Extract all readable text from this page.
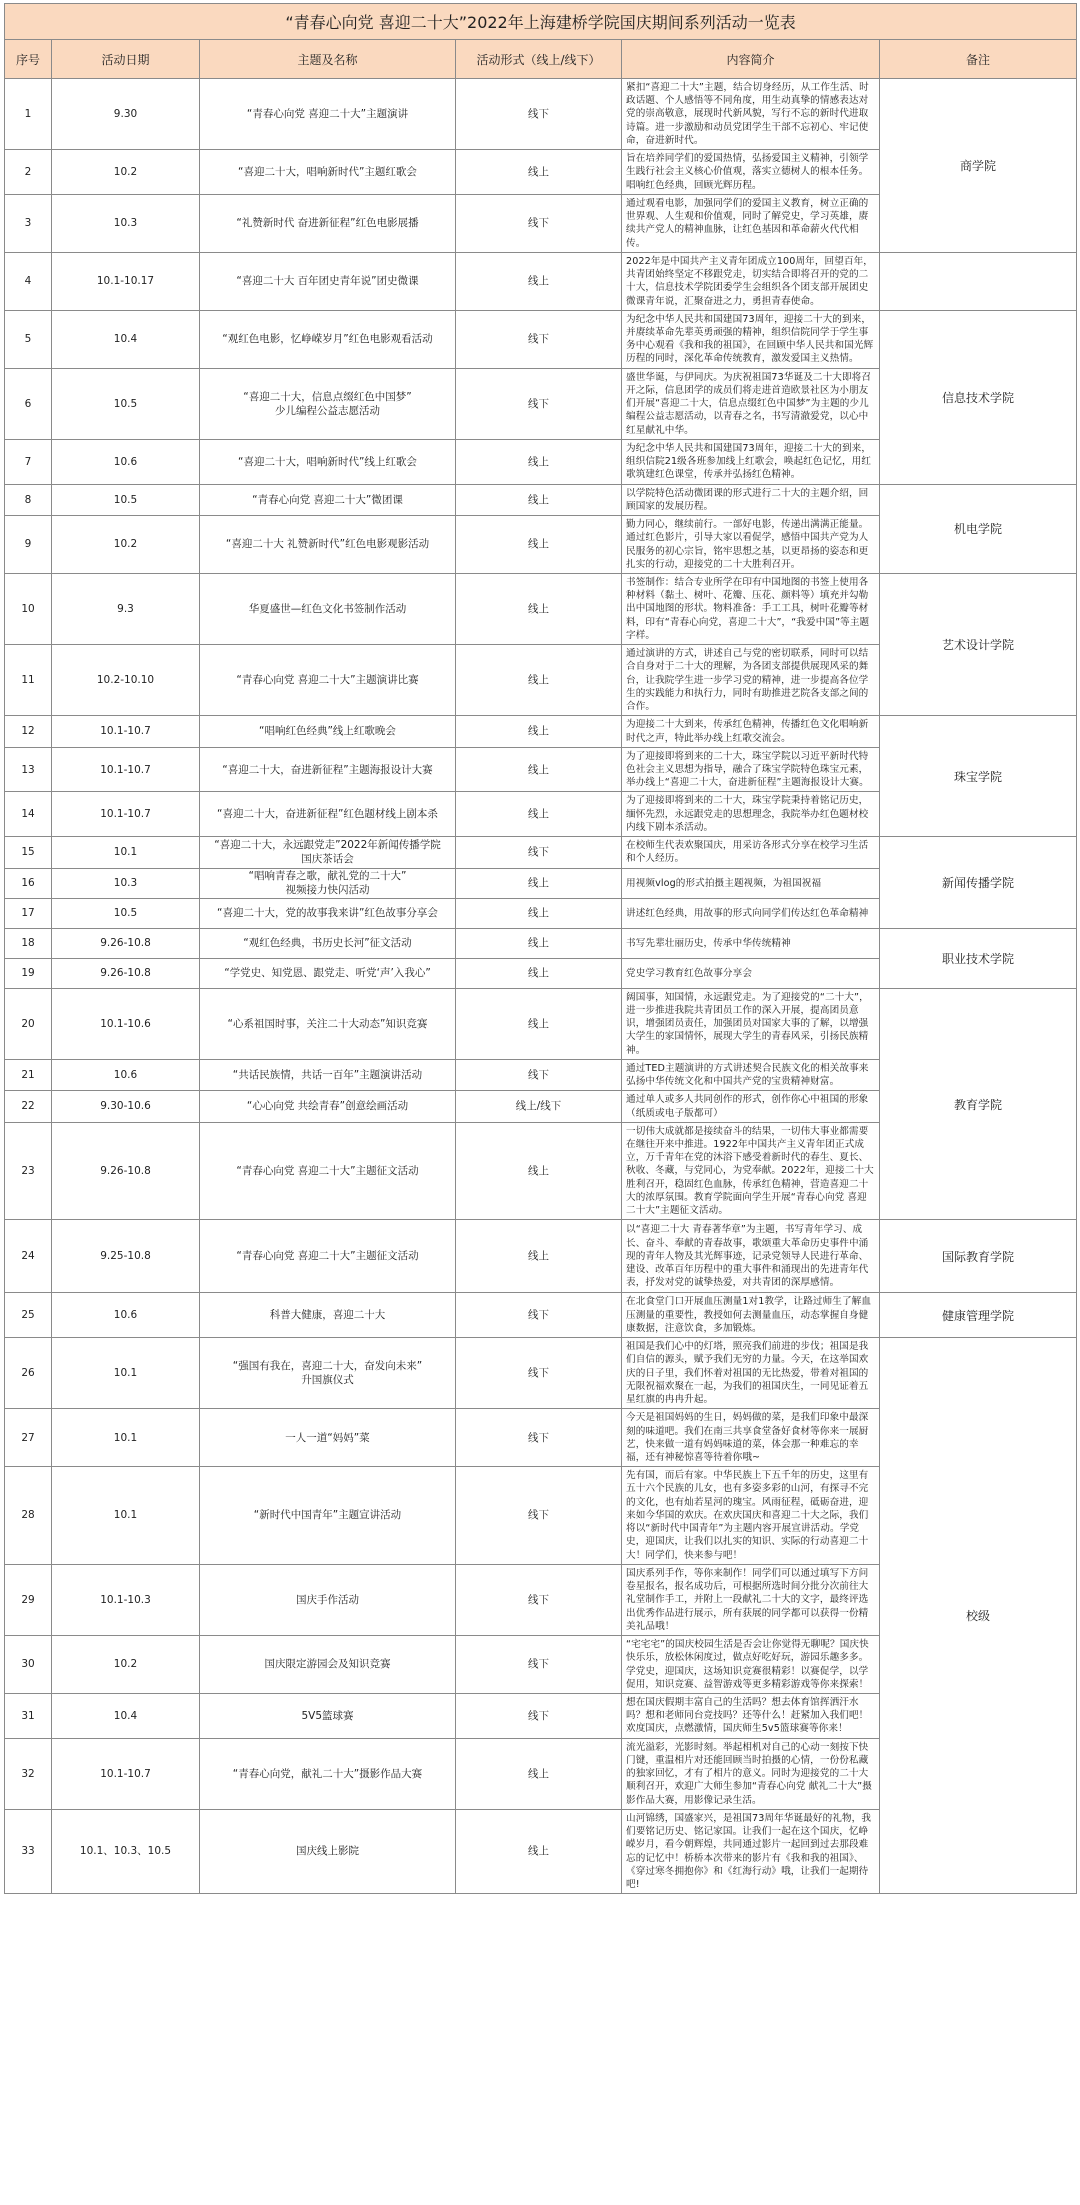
“青春心向党 喜迎二十大”2022年上海建桥学院国庆期间系列活动一览表					
序号	活动日期	主题及名称	活动形式（线上/线下）	内容简介	备注
1	9.30	“青春心向党 喜迎二十大”主题演讲	线下	紧扣“喜迎二十大”主题，结合切身经历，从工作生活、时政话题、个人感悟等不同角度，用生动真挚的情感表达对党的崇高敬意，展现时代新风貌，写行不忘的新时代进取诗篇。进一步激励和动员党团学生干部不忘初心、牢记使命，奋进新时代。	商学院
2	10.2	“喜迎二十大，唱响新时代”主题红歌会	线上	旨在培养同学们的爱国热情，弘扬爱国主义精神，引领学生践行社会主义核心价值观，落实立德树人的根本任务。唱响红色经典，回顾光辉历程。	
3	10.3	“礼赞新时代 奋进新征程”红色电影展播	线下	通过观看电影，加强同学们的爱国主义教育，树立正确的世界观、人生观和价值观，同时了解党史，学习英雄，赓续共产党人的精神血脉，让红色基因和革命薪火代代相传。	
4	10.1-10.17	“喜迎二十大 百年团史青年说”团史微课	线上	2022年是中国共产主义青年团成立100周年，回望百年，共青团始终坚定不移跟党走，切实结合即将召开的党的二十大，信息技术学院团委学生会组织各个团支部开展团史微课青年说，汇聚奋进之力，勇担青春使命。	
5	10.4	“观红色电影，忆峥嵘岁月”红色电影观看活动	线下	为纪念中华人民共和国建国73周年，迎接二十大的到来，并赓续革命先辈英勇顽强的精神，组织信院同学于学生事务中心观看《我和我的祖国》，在回顾中华人民共和国光辉历程的同时，深化革命传统教育，激发爱国主义热情。	信息技术学院
6	10.5	“喜迎二十大，信息点缀红色中国梦”
少儿编程公益志愿活动	线下	盛世华诞，与伊同庆。为庆祝祖国73华诞及二十大即将召开之际，信息团学的成员们将走进首造欧景社区为小朋友们开展“喜迎二十大，信息点缀红色中国梦”为主题的少儿编程公益志愿活动，以青春之名，书写清澈爱党，以心中红星献礼中华。	
7	10.6	“喜迎二十大，唱响新时代”线上红歌会	线上	为纪念中华人民共和国建国73周年，迎接二十大的到来，组织信院21级各班参加线上红歌会，唤起红色记忆，用红歌筑建红色课堂，传承并弘扬红色精神。	
8	10.5	“青春心向党 喜迎二十大”微团课	线上	以学院特色活动微团课的形式进行二十大的主题介绍，回顾国家的发展历程。	机电学院
9	10.2	“喜迎二十大 礼赞新时代”红色电影观影活动	线上	勤力同心，继续前行。一部好电影，传递出满满正能量。通过红色影片，引导大家以看促学，感悟中国共产党为人民服务的初心宗旨，铭牢思想之基，以更昂扬的姿态和更扎实的行动，迎接党的二十大胜利召开。	
10	9.3	华夏盛世—红色文化书签制作活动	线上	书签制作：结合专业所学在印有中国地图的书签上使用各种材料（黏土、树叶、花瓣、压花、颜料等）填充并勾勒出中国地图的形状。物料准备：手工工具，树叶花瓣等材料，印有“青春心向党，喜迎二十大”，“我爱中国”等主题字样。	艺术设计学院
11	10.2-10.10	“青春心向党 喜迎二十大”主题演讲比赛	线上	通过演讲的方式，讲述自己与党的密切联系，同时可以结合自身对于二十大的理解，为各团支部提供展现风采的舞台，让我院学生进一步学习党的精神，进一步提高各位学生的实践能力和执行力，同时有助推进艺院各支部之间的合作。	
12	10.1-10.7	“唱响红色经典”线上红歌晚会	线上	为迎接二十大到来，传承红色精神，传播红色文化唱响新时代之声，特此举办线上红歌交流会。	珠宝学院
13	10.1-10.7	“喜迎二十大，奋进新征程”主题海报设计大赛	线上	为了迎接即将到来的二十大，珠宝学院以习近平新时代特色社会主义思想为指导，融合了珠宝学院特色珠宝元素，举办线上“喜迎二十大，奋进新征程”主题海报设计大赛。	
14	10.1-10.7	“喜迎二十大，奋进新征程”红色题材线上剧本杀	线上	为了迎接即将到来的二十大，珠宝学院秉持着铭记历史，缅怀先烈，永远跟党走的思想理念，我院举办红色题材校内线下剧本杀活动。	
15	10.1	“喜迎二十大，永远跟党走”2022年新闻传播学院
国庆茶话会	线下	在校师生代表欢聚国庆，用采访各形式分享在校学习生活和个人经历。	新闻传播学院
16	10.3	“唱响青春之歌，献礼党的二十大”
视频接力快闪活动	线上	用视频vlog的形式拍摄主题视频，为祖国祝福	
17	10.5	“喜迎二十大，党的故事我来讲”红色故事分享会	线上	讲述红色经典，用故事的形式向同学们传达红色革命精神	
18	9.26-10.8	“观红色经典，书历史长河”征文活动	线上	书写先辈壮丽历史，传承中华传统精神	职业技术学院
19	9.26-10.8	“学党史、知党恩、跟党走、听党‘声’入我心”	线上	党史学习教育红色故事分享会	
20	10.1-10.6	“心系祖国时事，关注二十大动态”知识竞赛	线上	阔国事，知国情，永远跟党走。为了迎接党的“二十大”，进一步推进我院共青团员工作的深入开展，提高团员意识，增强团员责任，加强团员对国家大事的了解，以增强大学生的家国情怀，展现大学生的青春风采，引扬民族精神。	教育学院
21	10.6	“共话民族情，共话一百年”主题演讲活动	线下	通过TED主题演讲的方式讲述契合民族文化的相关故事来弘扬中华传统文化和中国共产党的宝贵精神财富。	
22	9.30-10.6	“心心向党 共绘青春”创意绘画活动	线上/线下	通过单人或多人共同创作的形式，创作你心中祖国的形象（纸质或电子版都可）	
23	9.26-10.8	“青春心向党 喜迎二十大”主题征文活动	线上	一切伟大成就都是接续奋斗的结果，一切伟大事业都需要在继往开来中推进。1922年中国共产主义青年团正式成立，万千青年在党的沐浴下感受着新时代的春生、夏长、秋收、冬藏，与党同心，为党奉献。2022年，迎接二十大胜利召开，稳固红色血脉，传承红色精神，营造喜迎二十大的浓厚氛围。教育学院面向学生开展“青春心向党 喜迎二十大”主题征文活动。	
24	9.25-10.8	“青春心向党 喜迎二十大”主题征文活动	线上	以“喜迎二十大 青春著华章”为主题，书写青年学习、成长、奋斗、奉献的青春故事，歌颂重大革命历史事件中涌现的青年人物及其光辉事迹，记录党领导人民进行革命、建设、改革百年历程中的重大事件和涌现出的先进青年代表，抒发对党的诚挚热爱，对共青团的深厚感情。	国际教育学院
25	10.6	科普大健康，喜迎二十大	线下	在北食堂门口开展血压测量1对1教学，让路过师生了解血压测量的重要性，教授如何去测量血压，动态掌握自身健康数据，注意饮食，多加锻炼。	健康管理学院
26	10.1	“强国有我在，喜迎二十大，奋发向未来”
升国旗仪式	线下	祖国是我们心中的灯塔，照亮我们前进的步伐；祖国是我们自信的源头，赋予我们无穷的力量。今天，在这举国欢庆的日子里，我们怀着对祖国的无比热爱，带着对祖国的无限祝福欢聚在一起，为我们的祖国庆生，一同见证着五星红旗的冉冉升起。	校级
27	10.1	一人一道“妈妈”菜	线下	今天是祖国妈妈的生日，妈妈做的菜，是我们印象中最深刻的味道吧。我们在南三共享食堂备好食材等你来一展厨艺，快来做一道有妈妈味道的菜，体会那一种难忘的幸福，还有神秘惊喜等待着你哦~	
28	10.1	“新时代中国青年”主题宣讲活动	线下	先有国，而后有家。中华民族上下五千年的历史，这里有五十六个民族的儿女，也有多姿多彩的山河，有探寻不完的文化，也有灿若星河的瑰宝。风雨征程，砥砺奋进，迎来如今华国的欢庆。在欢庆国庆和喜迎二十大之际，我们将以“新时代中国青年”为主题内容开展宣讲活动。学党史，迎国庆，让我们以扎实的知识、实际的行动喜迎二十大！同学们，快来参与吧！	
29	10.1-10.3	国庆手作活动	线下	国庆系列手作，等你来制作！同学们可以通过填写下方问卷星报名，报名成功后，可根据所选时间分批分次前往大礼堂制作手工，并附上一段献礼二十大的文字，最终评选出优秀作品进行展示，所有获展的同学都可以获得一份精美礼品哦！	
30	10.2	国庆限定游园会及知识竞赛	线下	“宅宅宅”的国庆校园生活是否会让你觉得无聊呢？国庆快快乐乐，放松休闲度过，做点好吃好玩，游园乐趣多多。学党史，迎国庆，这场知识竞赛很精彩！以赛促学，以学促用，知识竞赛、益智游戏等更多精彩游戏等你来探索！	
31	10.4	5V5篮球赛	线下	想在国庆假期丰富自己的生活吗？想去体育馆挥洒汗水吗？想和老师同台竞技吗？还等什么！赶紧加入我们吧！欢度国庆，点燃激情，国庆师生5v5篮球赛等你来！	
32	10.1-10.7	“青春心向党，献礼二十大”摄影作品大赛	线上	流光溢彩，光影时刻。举起相机对自己的心动一刻按下快门键，重温相片对还能回顾当时拍摄的心情，一份份私藏的独家回忆，才有了相片的意义。同时为迎接党的二十大顺利召开，欢迎广大师生参加“青春心向党 献礼二十大”摄影作品大赛，用影像记录生活。	
33	10.1、10.3、10.5	国庆线上影院	线上	山河锦绣，国盛家兴，是祖国73周年华诞最好的礼物，我们要铭记历史、铭记家国。让我们一起在这个国庆，忆峥嵘岁月，看今朝辉煌，共同通过影片一起回到过去那段难忘的记忆中！桥桥本次带来的影片有《我和我的祖国》、《穿过寒冬拥抱你》和《红海行动》哦，让我们一起期待吧!	
